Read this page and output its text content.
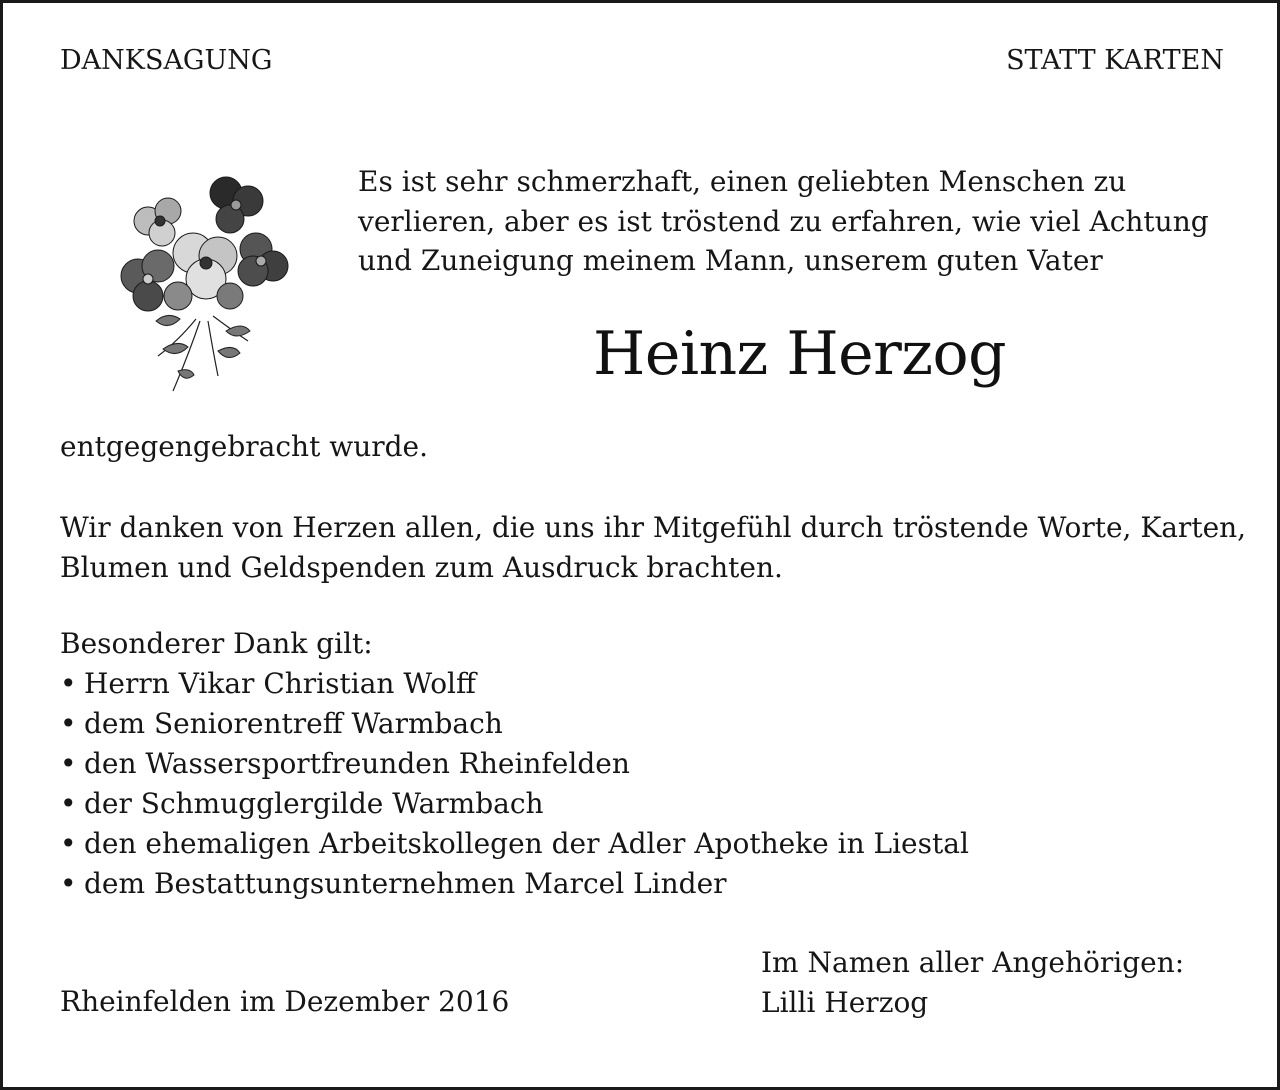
DANKSAGUNG	STATT KARTEN
Es ist sehr schmerzhaft, einen geliebten Menschen zu
verlieren, aber es ist tröstend zu erfahren, wie viel Achtung
und Zuneigung meinem Mann, unserem guten Vater
Heinz Herzog
entgegengebracht wurde.
Wir danken von Herzen allen, die uns ihr Mitgefühl durch tröstende Worte, Karten,
Blumen und Geldspenden zum Ausdruck brachten.
Besonderer Dank gilt:
• Herrn Vikar Christian Wolff
• dem Seniorentreff Warmbach
• den Wassersportfreunden Rheinfelden
• der Schmugglergilde Warmbach
• den ehemaligen Arbeitskollegen der Adler Apotheke in Liestal
• dem Bestattungsunternehmen Marcel Linder
Rheinfelden im Dezember 2016
Im Namen aller Angehörigen:
Lilli Herzog
